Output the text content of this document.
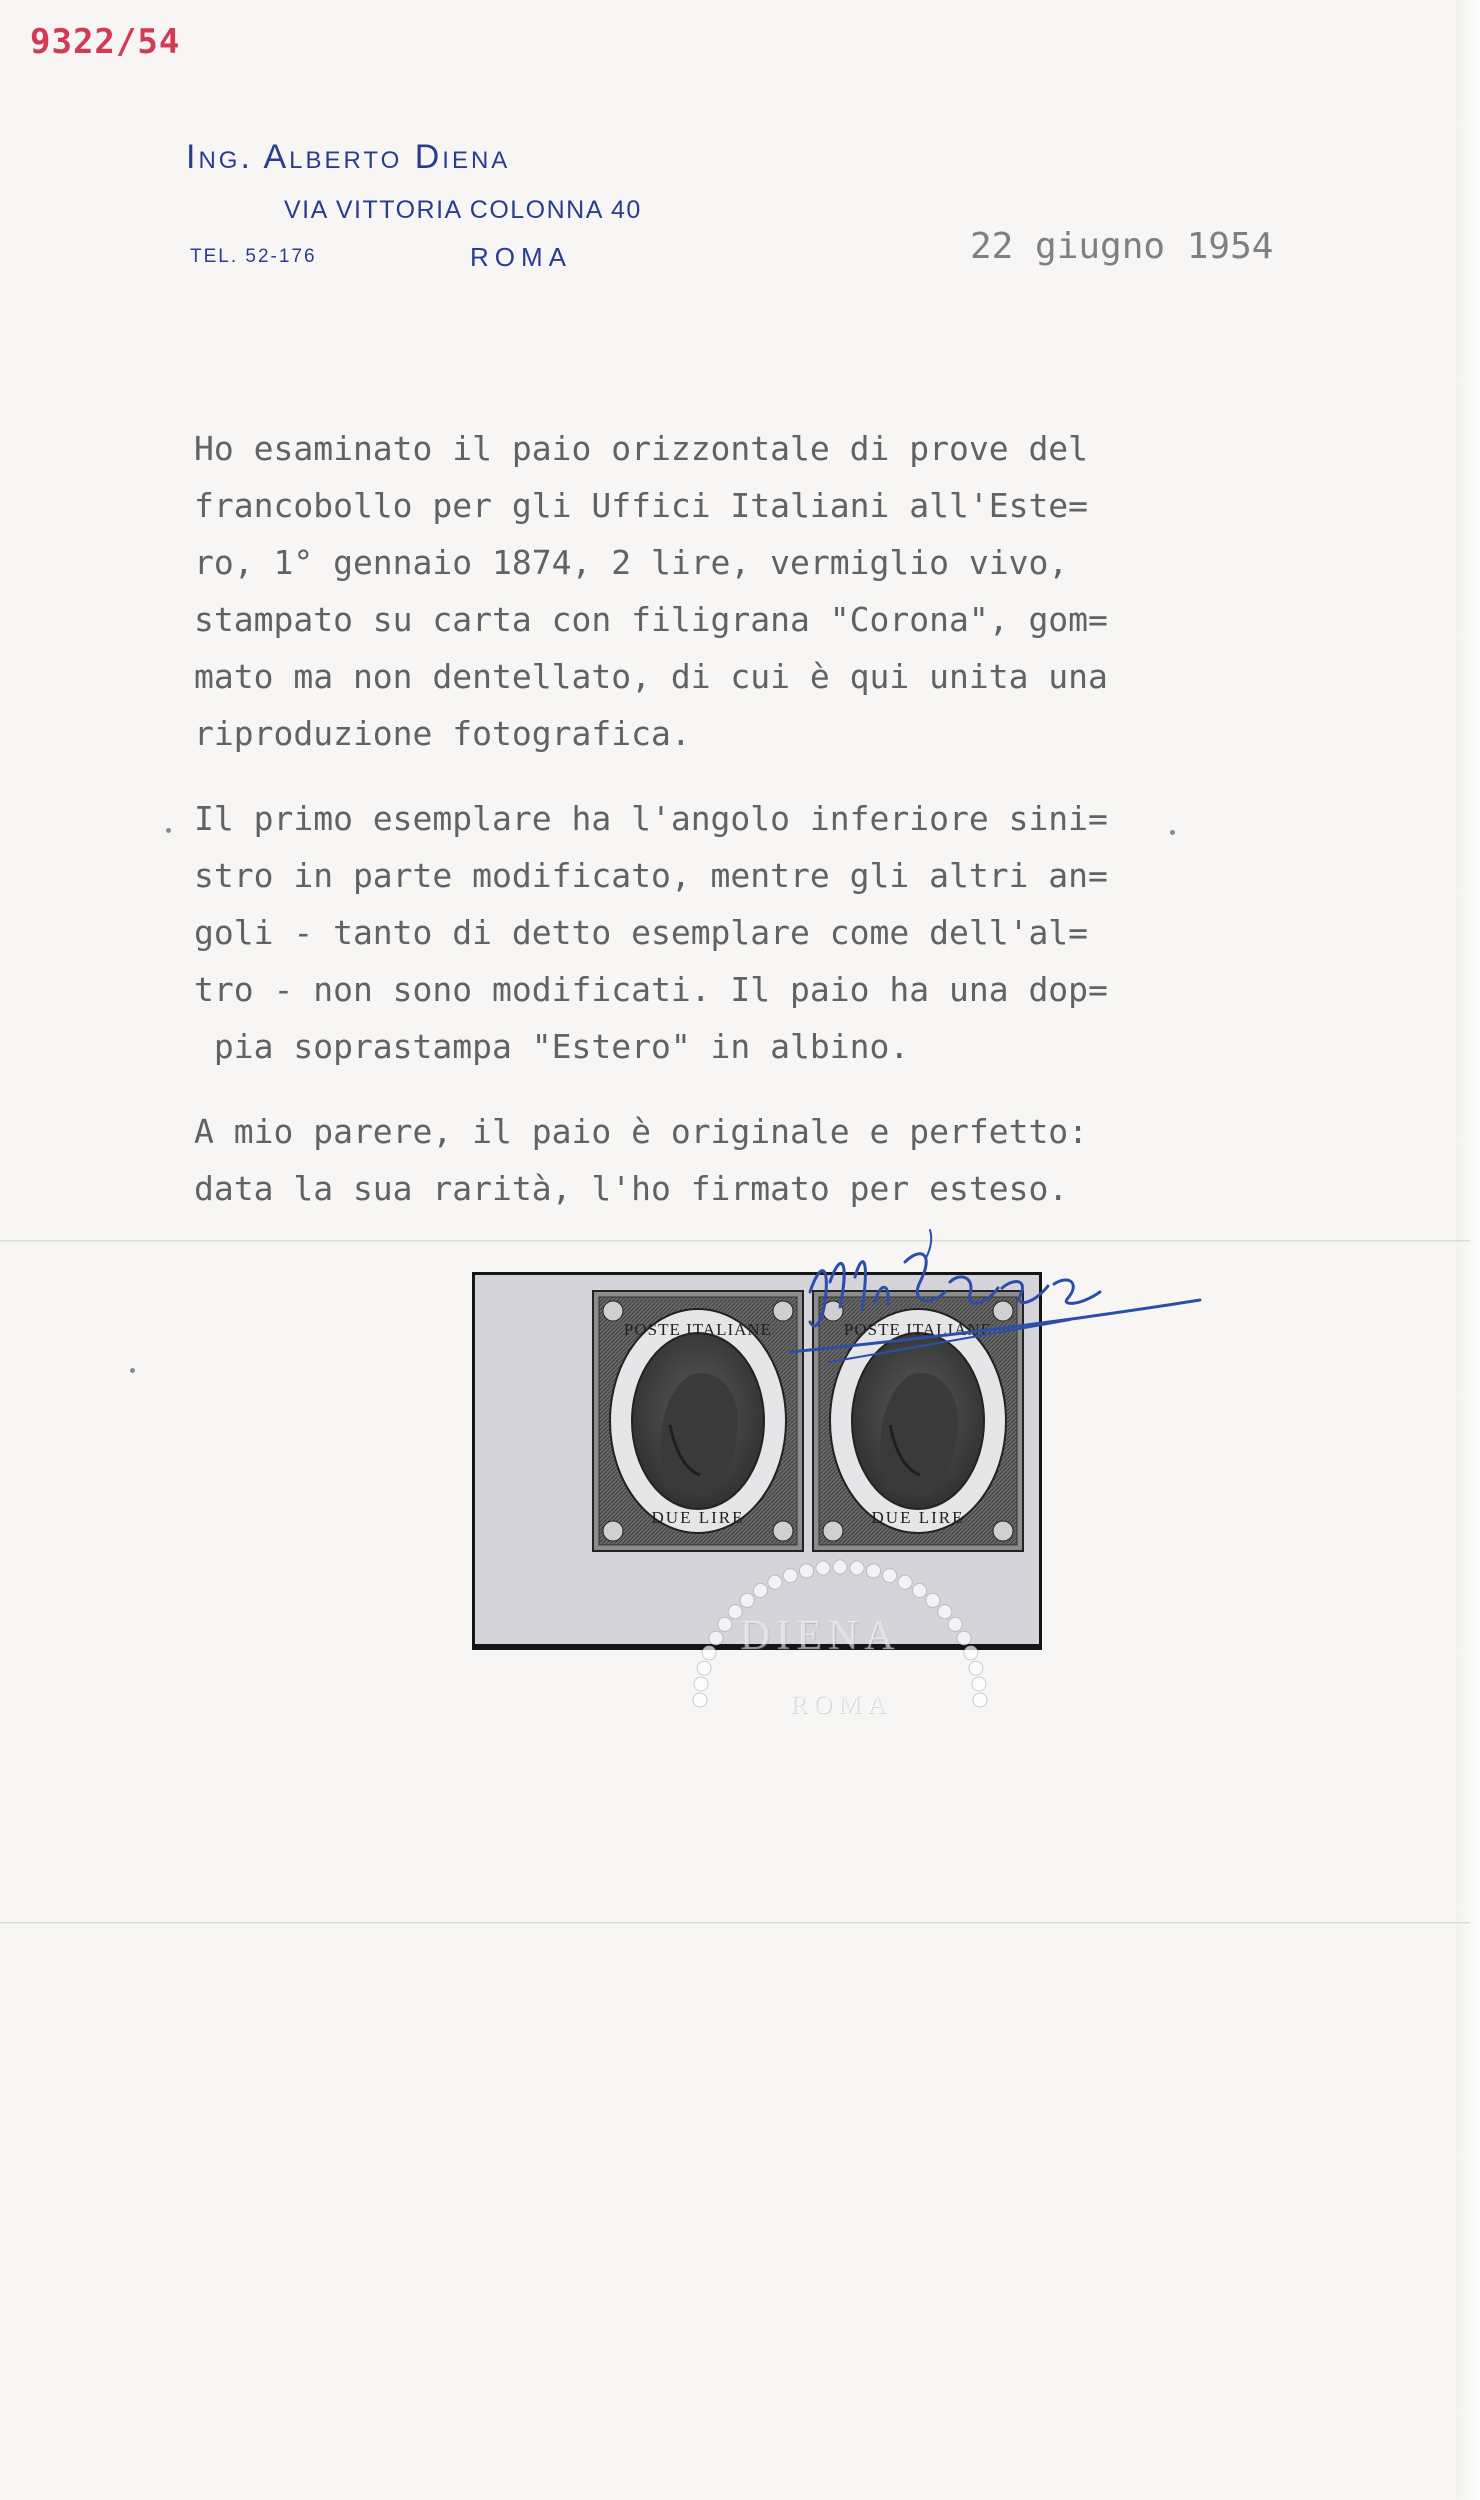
9322/54

Ing. Alberto Diena

VIA VITTORIA COLONNA 40

TEL. 52-176	ROMA	22 giugno 1954

Ho esaminato il paio orizzontale di prove del
francobollo per gli Uffici Italiani all'Este=
ro, 1° gennaio 1874, 2 lire, vermiglio vivo,
stampato su carta con filigrana "Corona", gom=
mato ma non dentellato, di cui è qui unita una
riproduzione fotografica.

Il primo esemplare ha l'angolo inferiore sini=
stro in parte modificato, mentre gli altri an=
goli - tanto di detto esemplare come dell'al=
tro - non sono modificati. Il paio ha una dop=
pia soprastampa "Estero" in albino.

A mio parere, il paio è originale e perfetto:
data la sua rarità, l'ho firmato per esteso.

POSTE ITALIANE
DUE LIRE
POSTE ITALIANE
DUE LIRE

DIENA

ROMA
